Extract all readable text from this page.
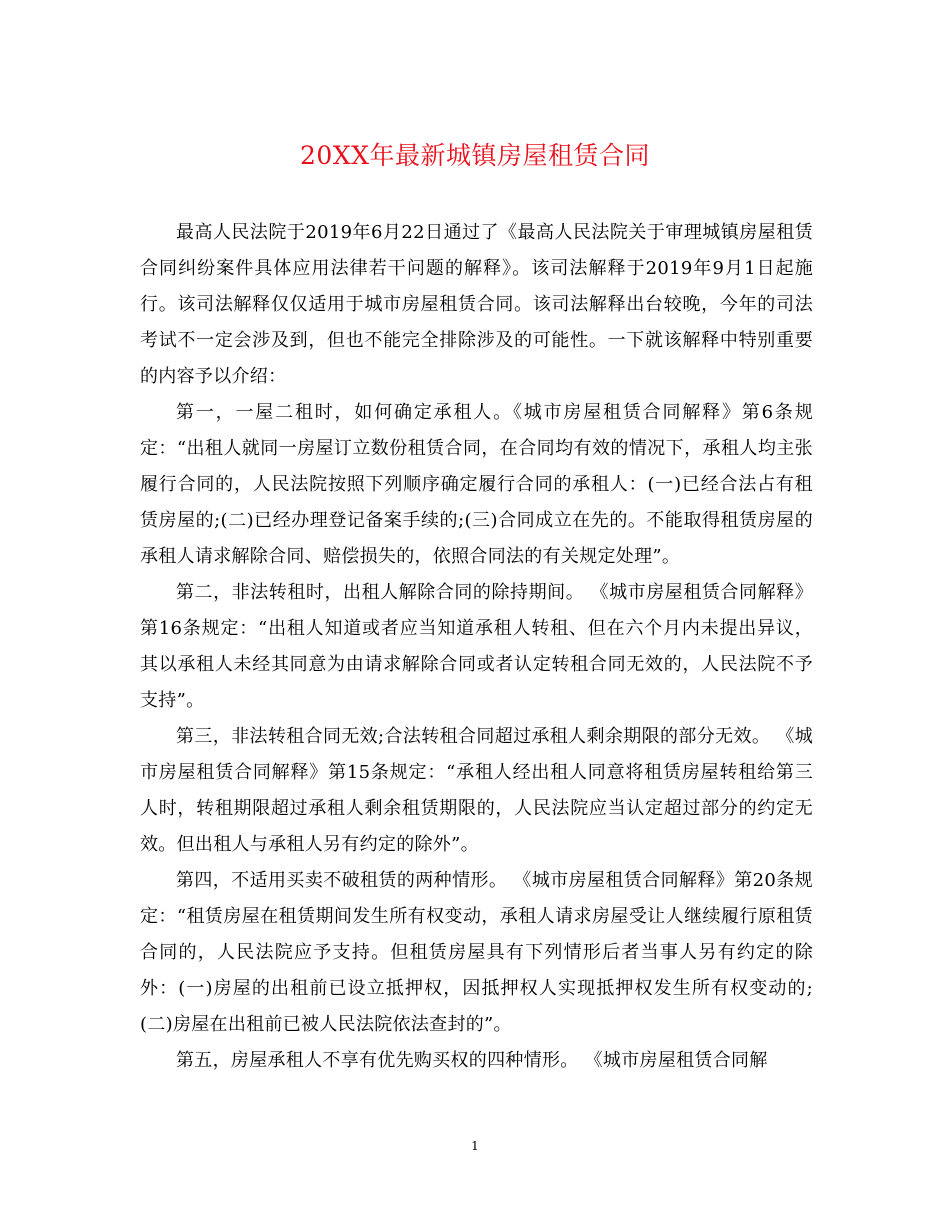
20XX年最新城镇房屋租赁合同

最高人民法院于2019年6月22日通过了《最高人民法院关于审理城镇房屋租赁合同纠纷案件具体应用法律若干问题的解释》。该司法解释于2019年9月1日起施行。该司法解释仅仅适用于城市房屋租赁合同。该司法解释出台较晚，今年的司法考试不一定会涉及到，但也不能完全排除涉及的可能性。一下就该解释中特别重要的内容予以介绍：

第一，一屋二租时，如何确定承租人。《城市房屋租赁合同解释》第6条规定：“出租人就同一房屋订立数份租赁合同，在合同均有效的情况下，承租人均主张履行合同的，人民法院按照下列顺序确定履行合同的承租人：(一)已经合法占有租赁房屋的;(二)已经办理登记备案手续的;(三)合同成立在先的。不能取得租赁房屋的承租人请求解除合同、赔偿损失的，依照合同法的有关规定处理”。

第二，非法转租时，出租人解除合同的除持期间。 《城市房屋租赁合同解释》第16条规定：“出租人知道或者应当知道承租人转租、但在六个月内未提出异议，其以承租人未经其同意为由请求解除合同或者认定转租合同无效的，人民法院不予支持”。

第三，非法转租合同无效;合法转租合同超过承租人剩余期限的部分无效。 《城市房屋租赁合同解释》第15条规定：“承租人经出租人同意将租赁房屋转租给第三人时，转租期限超过承租人剩余租赁期限的，人民法院应当认定超过部分的约定无效。但出租人与承租人另有约定的除外”。

第四，不适用买卖不破租赁的两种情形。 《城市房屋租赁合同解释》第20条规定：“租赁房屋在租赁期间发生所有权变动，承租人请求房屋受让人继续履行原租赁合同的，人民法院应予支持。但租赁房屋具有下列情形后者当事人另有约定的除外：(一)房屋的出租前已设立抵押权，因抵押权人实现抵押权发生所有权变动的;(二)房屋在出租前已被人民法院依法查封的”。

第五，房屋承租人不享有优先购买权的四种情形。 《城市房屋租赁合同解

1
